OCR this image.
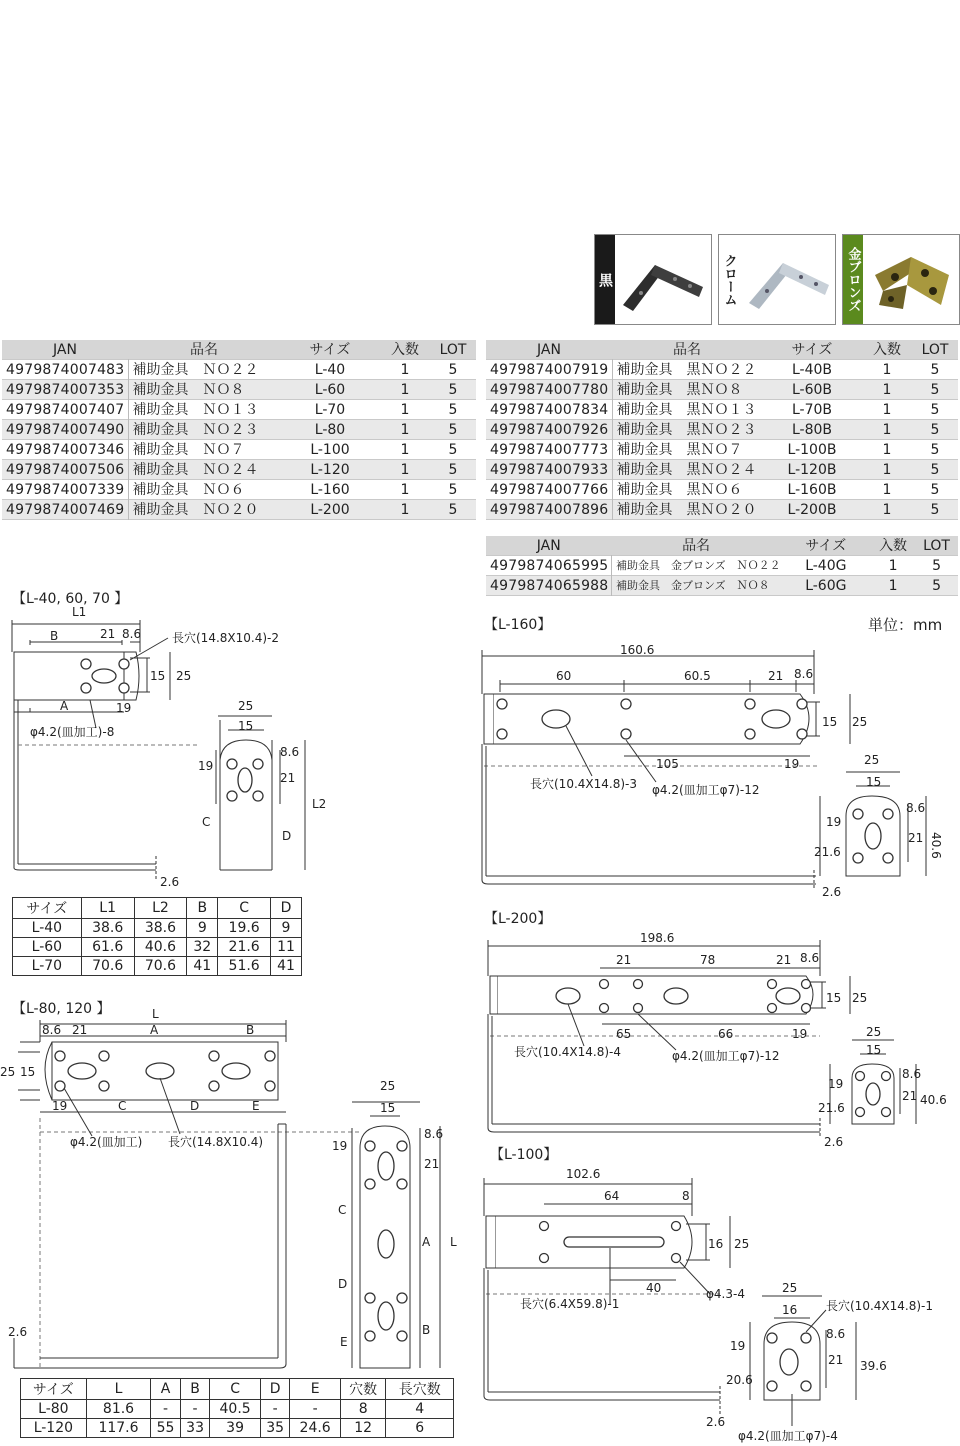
黒	クローム	金ブロンズ
JAN	品名	サイズ	入数	LOT
4979874007483	補助金具　ＮＯ２２	L-40	1	5
4979874007353	補助金具　ＮＯ８	L-60	1	5
4979874007407	補助金具　ＮＯ１３	L-70	1	5
4979874007490	補助金具　ＮＯ２３	L-80	1	5
4979874007346	補助金具　ＮＯ７	L-100	1	5
4979874007506	補助金具　ＮＯ２４	L-120	1	5
4979874007339	補助金具　ＮＯ６	L-160	1	5
4979874007469	補助金具　ＮＯ２０	L-200	1	5
JAN	品名	サイズ	入数	LOT
4979874007919	補助金具　黒ＮＯ２２	L-40B	1	5
4979874007780	補助金具　黒ＮＯ８	L-60B	1	5
4979874007834	補助金具　黒ＮＯ１３	L-70B	1	5
4979874007926	補助金具　黒ＮＯ２３	L-80B	1	5
4979874007773	補助金具　黒ＮＯ７	L-100B	1	5
4979874007933	補助金具　黒ＮＯ２４	L-120B	1	5
4979874007766	補助金具　黒ＮＯ６	L-160B	1	5
4979874007896	補助金具　黒ＮＯ２０	L-200B	1	5
JAN	品名	サイズ	入数	LOT
4979874065995	補助金具　金ブロンズ　ＮＯ２２	L-40G	1	5
4979874065988	補助金具　金ブロンズ　ＮＯ８	L-60G	1	5
単位：mm
【L-40, 60, 70 】
L1
B	21 8.6	長穴(14.8X10.4)-2
15 25
A	19
φ4.2(皿加工)-8
25
15
8.6
19
21
L2
C
D
2.6
サイズ	L1	L2	B	C	D
L-40	38.6	38.6	9	19.6	9
L-60	61.6	40.6	32	21.6	11
L-70	70.6	70.6	41	51.6	41
【L-80, 120 】	L
8.6 21	A	B
25 15
19	C	D	E
φ4.2(皿加工) 長穴(14.8X10.4)
25
15
19
8.6
21
C
A L
D
B
E
2.6
サイズ	L	A	B	C	D	E	穴数	長穴数
L-80	81.6	-	-	40.5	-	-	8	4
L-120	117.6	55	33	39	35	24.6	12	6
【L-160】
160.6
60	60.5	21 8.6
15 25
105	19
長穴(10.4X14.8)-3 φ4.2(皿加工φ7)-12
25
15
8.6
19
21 40.6
21.6
2.6
【L-200】
198.6
21	78	21 8.6
15 25
65	66	19
長穴(10.4X14.8)-4	φ4.2(皿加工φ7)-12
25
15
8.6
19
21 40.6
21.6
2.6
【L-100】
102.6
64	8
16 25
40
長穴(6.4X59.8)-1
φ4.3-4	25
16 長穴(10.4X14.8)-1
19
8.6
21 39.6
20.6
2.6
φ4.2(皿加工φ7)-4
